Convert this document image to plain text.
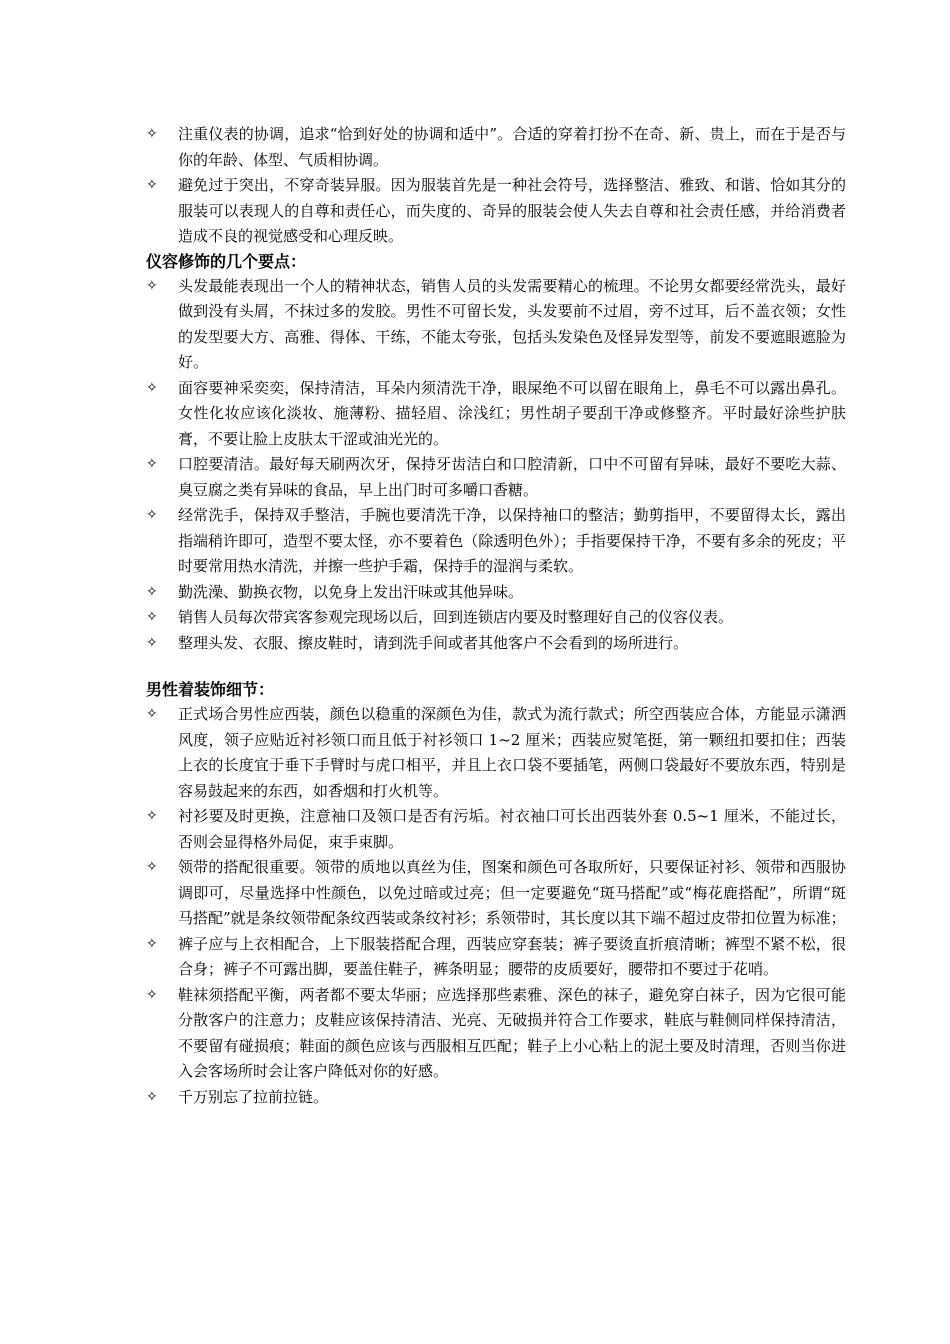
✧	注重仪表的协调，追求“恰到好处的协调和适中”。合适的穿着打扮不在奇、新、贵上，而在于是否与你的年龄、体型、气质相协调。
✧	避免过于突出，不穿奇装异服。因为服装首先是一种社会符号，选择整洁、雅致、和谐、恰如其分的服装可以表现人的自尊和责任心，而失度的、奇异的服装会使人失去自尊和社会责任感，并给消费者造成不良的视觉感受和心理反映。
仪容修饰的几个要点：
✧	头发最能表现出一个人的精神状态，销售人员的头发需要精心的梳理。不论男女都要经常洗头，最好做到没有头屑，不抹过多的发胶。男性不可留长发，头发要前不过眉，旁不过耳，后不盖衣领；女性的发型要大方、高雅、得体、干练，不能太夸张，包括头发染色及怪异发型等，前发不要遮眼遮脸为好。
✧	面容要神采奕奕，保持清洁，耳朵内须清洗干净，眼屎绝不可以留在眼角上，鼻毛不可以露出鼻孔。女性化妆应该化淡妆、施薄粉、描轻眉、涂浅红；男性胡子要刮干净或修整齐。平时最好涂些护肤膏，不要让脸上皮肤太干涩或油光光的。
✧	口腔要清洁。最好每天刷两次牙，保持牙齿洁白和口腔清新，口中不可留有异味，最好不要吃大蒜、臭豆腐之类有异味的食品，早上出门时可多嚼口香糖。
✧	经常洗手，保持双手整洁，手腕也要清洗干净，以保持袖口的整洁；勤剪指甲，不要留得太长，露出指端稍许即可，造型不要太怪，亦不要着色（除透明色外）；手指要保持干净，不要有多余的死皮；平时要常用热水清洗，并擦一些护手霜，保持手的湿润与柔软。
✧	勤洗澡、勤换衣物，以免身上发出汗味或其他异味。
✧	销售人员每次带宾客参观完现场以后，回到连锁店内要及时整理好自己的仪容仪表。
✧	整理头发、衣服、擦皮鞋时，请到洗手间或者其他客户不会看到的场所进行。
男性着装饰细节：
✧	正式场合男性应西装，颜色以稳重的深颜色为佳，款式为流行款式；所空西装应合体，方能显示潇洒风度，领子应贴近衬衫领口而且低于衬衫领口 1~2 厘米；西装应熨笔挺，第一颗纽扣要扣住；西装上衣的长度宜于垂下手臂时与虎口相平，并且上衣口袋不要插笔，两侧口袋最好不要放东西，特别是容易鼓起来的东西，如香烟和打火机等。
✧	衬衫要及时更换，注意袖口及领口是否有污垢。衬衣袖口可长出西装外套 0.5~1 厘米，不能过长，否则会显得格外局促，束手束脚。
✧	领带的搭配很重要。领带的质地以真丝为佳，图案和颜色可各取所好，只要保证衬衫、领带和西服协调即可，尽量选择中性颜色，以免过暗或过亮；但一定要避免“斑马搭配”或“梅花鹿搭配”，所谓“斑马搭配”就是条纹领带配条纹西装或条纹衬衫；系领带时，其长度以其下端不超过皮带扣位置为标准；
✧	裤子应与上衣相配合，上下服装搭配合理，西装应穿套装；裤子要烫直折痕清晰；裤型不紧不松，很合身；裤子不可露出脚，要盖住鞋子，裤条明显；腰带的皮质要好，腰带扣不要过于花哨。
✧	鞋袜须搭配平衡，两者都不要太华丽；应选择那些素雅、深色的袜子，避免穿白袜子，因为它很可能分散客户的注意力；皮鞋应该保持清洁、光亮、无破损并符合工作要求，鞋底与鞋侧同样保持清洁，不要留有碰损痕；鞋面的颜色应该与西服相互匹配；鞋子上小心粘上的泥土要及时清理，否则当你进入会客场所时会让客户降低对你的好感。
✧	千万别忘了拉前拉链。
